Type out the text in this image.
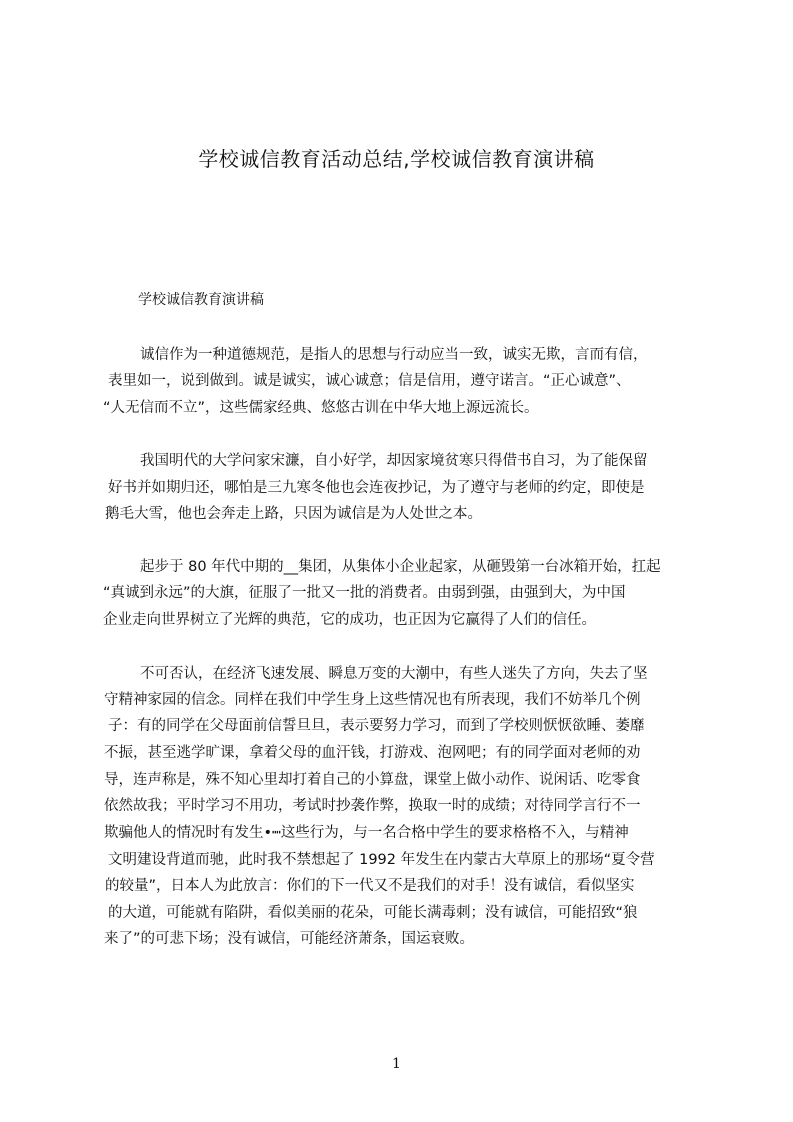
学校诚信教育活动总结,学校诚信教育演讲稿
学校诚信教育演讲稿
诚信作为一种道德规范，是指人的思想与行动应当一致，诚实无欺，言而有信，
表里如一，说到做到。诚是诚实，诚心诚意；信是信用，遵守诺言。“正心诚意”、
“人无信而不立”，这些儒家经典、悠悠古训在中华大地上源远流长。
我国明代的大学问家宋濂，自小好学，却因家境贫寒只得借书自习，为了能保留
好书并如期归还，哪怕是三九寒冬他也会连夜抄记，为了遵守与老师的约定，即使是
鹅毛大雪，他也会奔走上路，只因为诚信是为人处世之本。
起步于 80 年代中期的__集团，从集体小企业起家，从砸毁第一台冰箱开始，扛起
“真诚到永远”的大旗，征服了一批又一批的消费者。由弱到强，由强到大，为中国
企业走向世界树立了光辉的典范，它的成功，也正因为它赢得了人们的信任。
不可否认，在经济飞速发展、瞬息万变的大潮中，有些人迷失了方向，失去了坚
守精神家园的信念。同样在我们中学生身上这些情况也有所表现，我们不妨举几个例
子：有的同学在父母面前信誓旦旦，表示要努力学习，而到了学校则恹恹欲睡、萎靡
不振，甚至逃学旷课，拿着父母的血汗钱，打游戏、泡网吧；有的同学面对老师的劝
导，连声称是，殊不知心里却打着自己的小算盘，课堂上做小动作、说闲话、吃零食
依然故我；平时学习不用功，考试时抄袭作弊，换取一时的成绩；对待同学言行不一
欺骗他人的情况时有发生•┉这些行为，与一名合格中学生的要求格格不入，与精神
文明建设背道而驰，此时我不禁想起了 1992 年发生在内蒙古大草原上的那场“夏令营
的较量”，日本人为此放言：你们的下一代又不是我们的对手！没有诚信，看似坚实
的大道，可能就有陷阱，看似美丽的花朵，可能长满毒刺；没有诚信，可能招致“狼
来了”的可悲下场；没有诚信，可能经济萧条，国运衰败。
1
